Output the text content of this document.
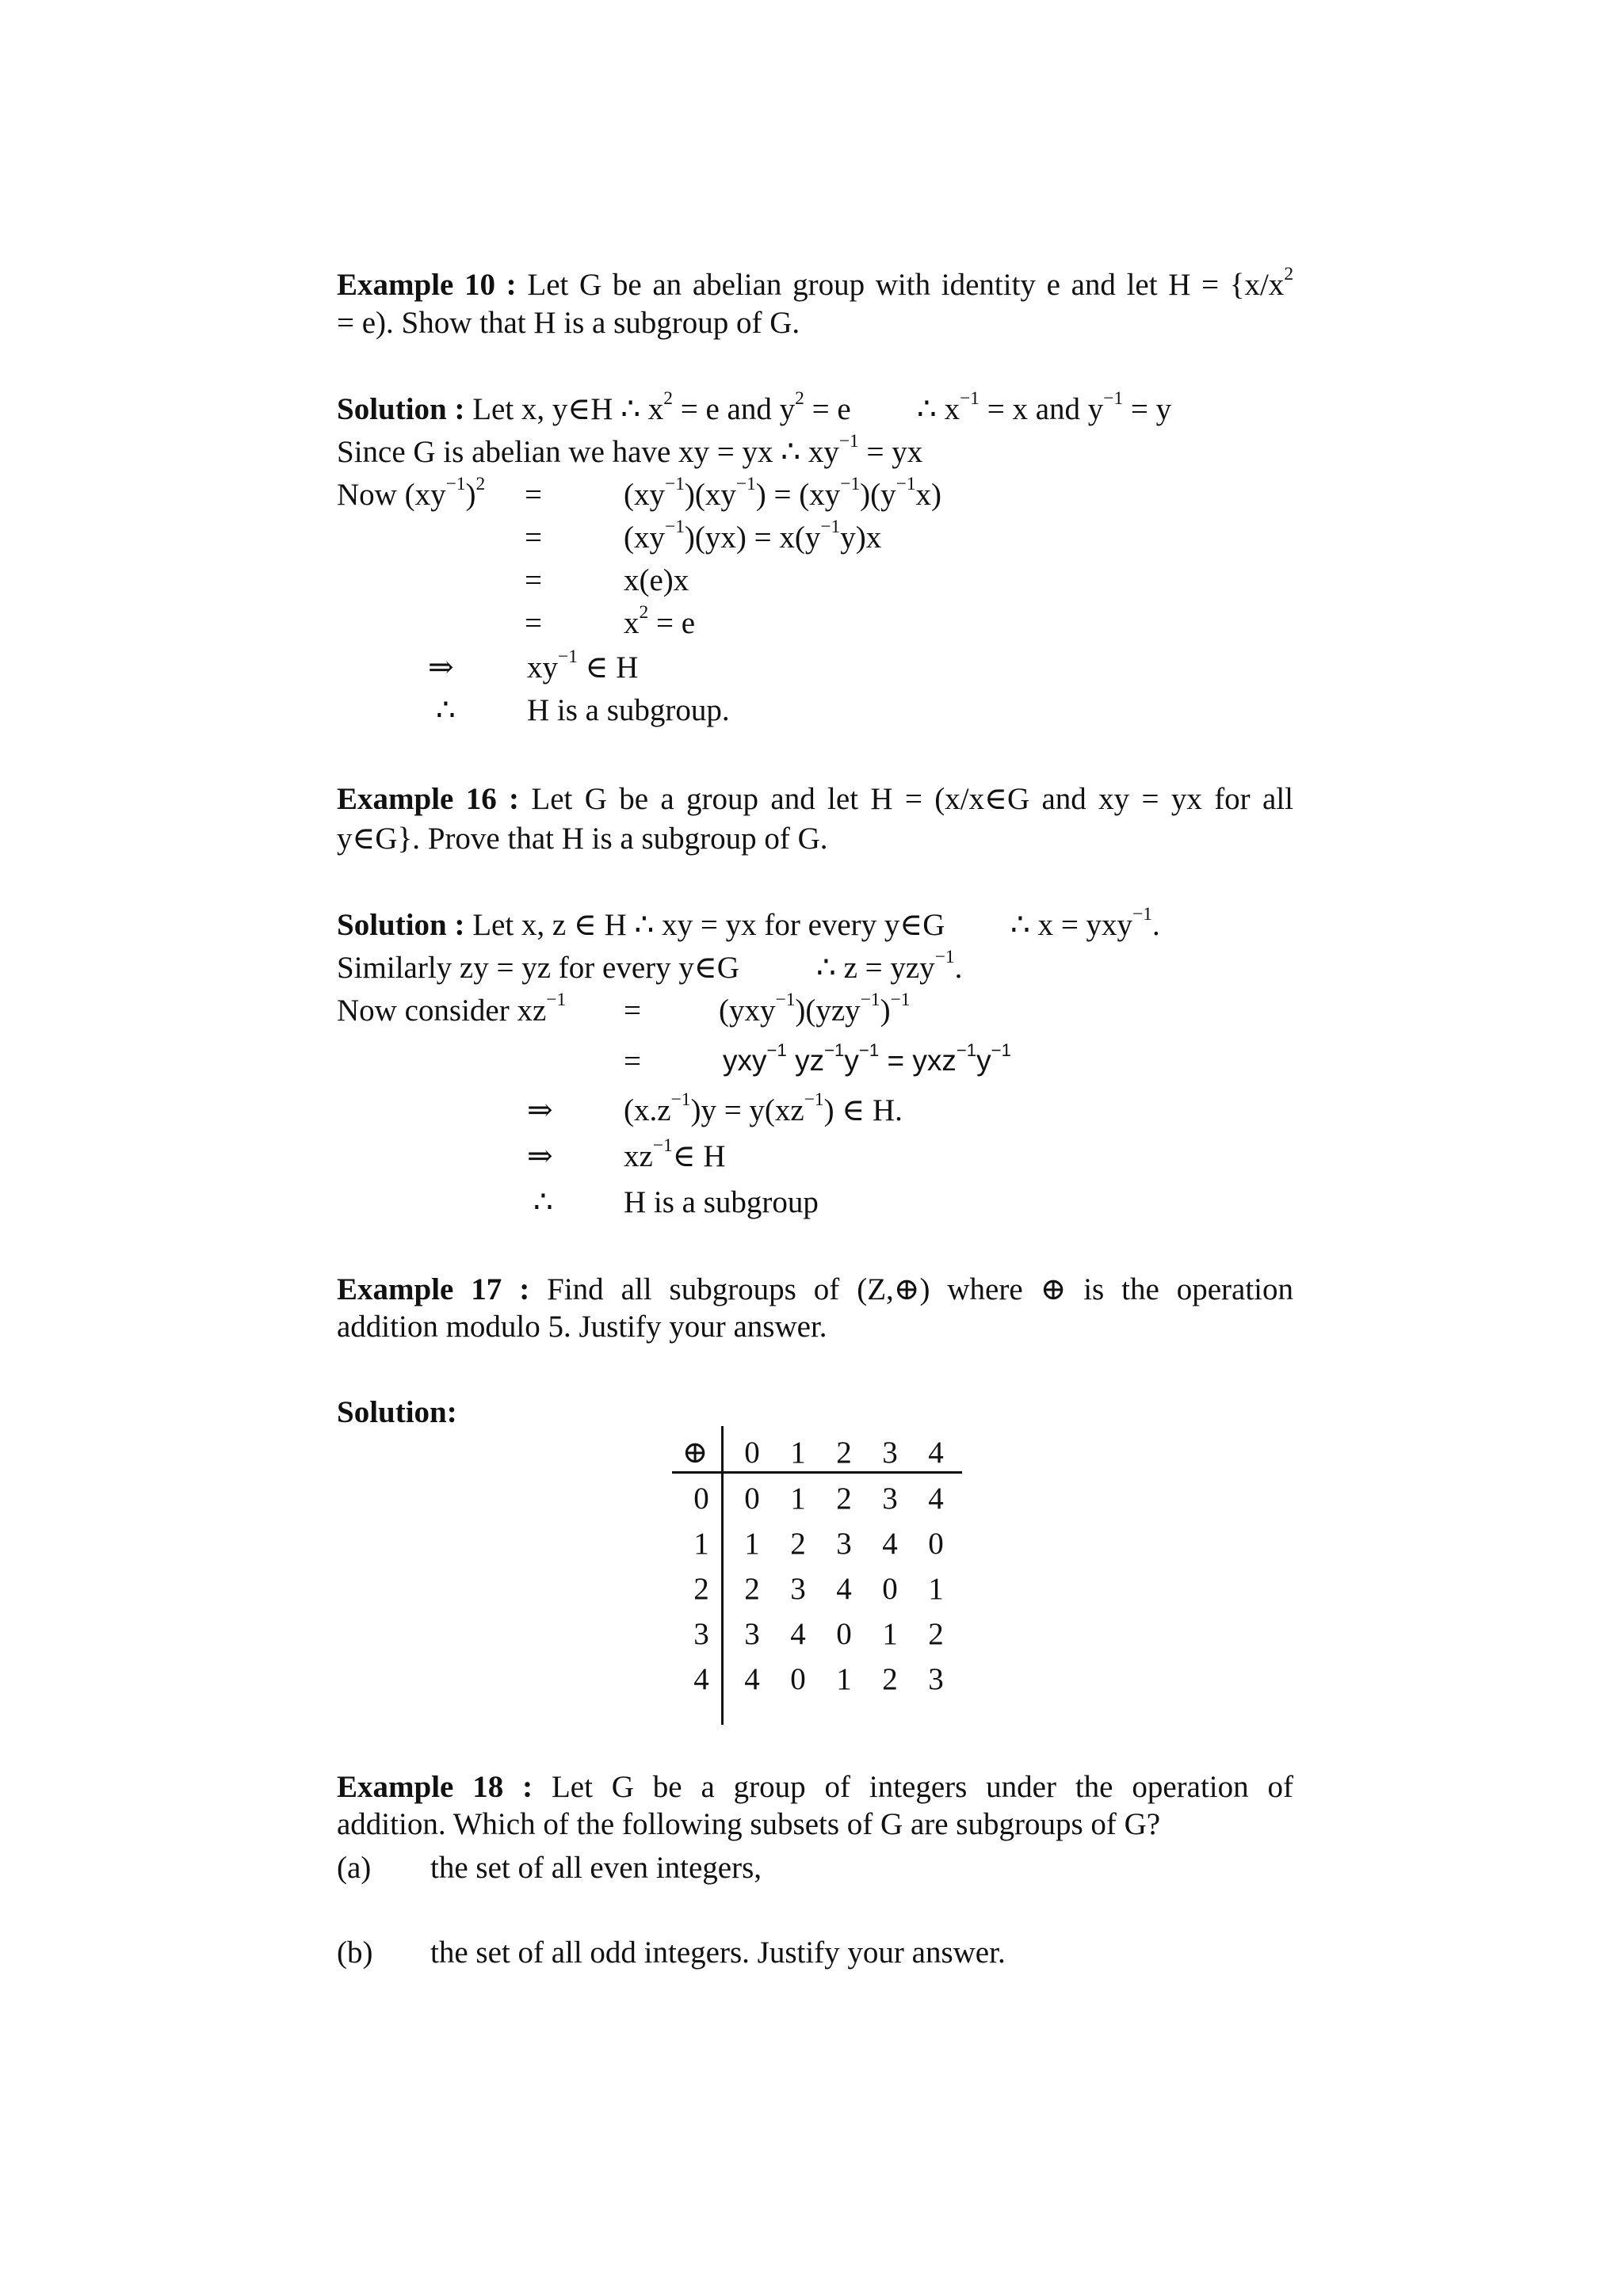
Example 10 : Let G be an abelian group with identity e and let $H = \{x/x^2$
= e). Show that H is a subgroup of G.
Solution : Let x, y∈H ∴ $x^2 = e$ and $y^2 = e$ ∴ $x^{-1} = x$ and $y^{-1} = y$
Since G is abelian we have xy = yx ∴ $xy^{-1}$ = yx
Now $(xy^{-1})^2$ =	$(xy^{-1})(xy^{-1}) = (xy^{-1})(y^{-1}x)$
=	$(xy^{-1})(yx) = x(y^{-1}y)x$
=	x(e)x
=	$x^2 = e$
⇒ $xy^{-1}$ ∈ H
∴ H is a subgroup.
Example 16 : Let G be a group and let H = (x/x∈G and xy = yx for all
y∈G}. Prove that H is a subgroup of G.
Solution : Let x, z ∈ H ∴ xy = yx for every y∈G ∴ x = yxy$^{-1}$.
Similarly zy = yz for every y∈G ∴ z = yzy$^{-1}$.
Now consider $xz^{-1}$ =	$(yxy^{-1})(yzy^{-1})^{-1}$
=	yxy$^{-1}$ $yz^{-1}y^{-1} = yxz^{-1}y^{-1}$
⇒ $(x.z^{-1})y = y(xz^{-1})$ ∈ H.
⇒ $xz^{-1}\in$ H
∴ H is a subgroup
Example 17 : Find all subgroups of (Z,⊕) where ⊕ is the operation
addition modulo 5. Justify your answer.
Solution:
⊕	0 1 2 3 4
0	0 1 2 3 4
1	1 2 3 4 0
2	2 3 4 0 1
3	3 4 0 1 2
4	4 0 1 2 3
Example 18 : Let G be a group of integers under the operation of
addition. Which of the following subsets of G are subgroups of G?
(a) the set of all even integers,
(b) the set of all odd integers. Justify your answer.
